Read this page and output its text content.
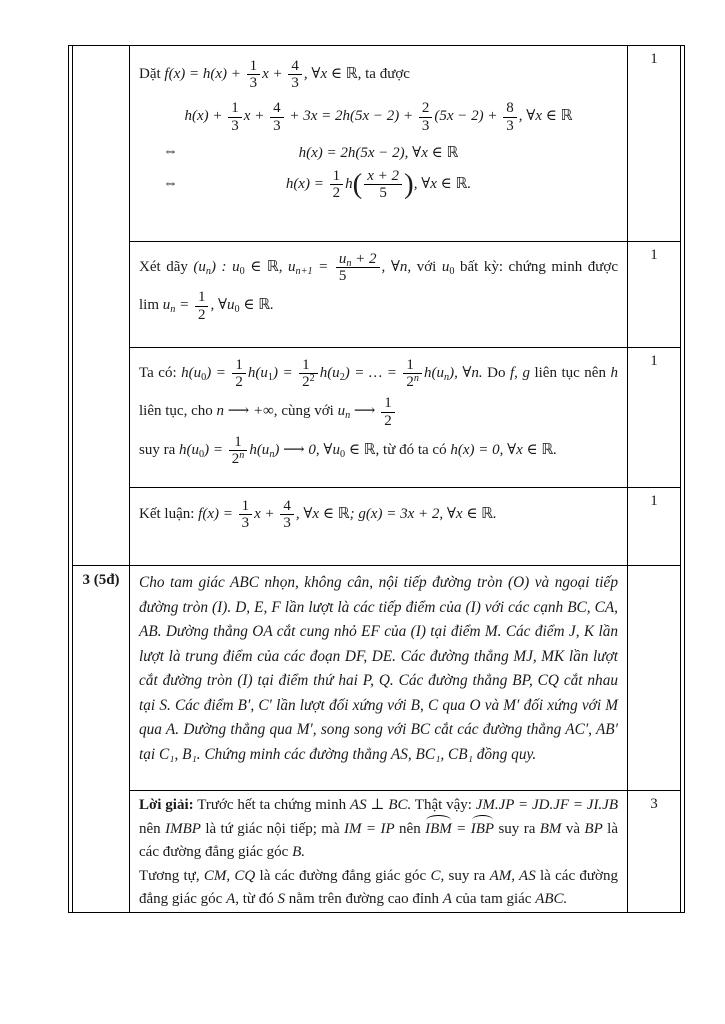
3 (5đ)
Dặt $f(x) = h(x) + \frac{1}{3}$ $x + \frac{4}{3}$ , ∀x ∈ ℝ, ta được
$h(x) + \frac{1}{3}$ $x + \frac{4}{3} + 3x = 2h(5x - 2) + \frac{2}{3} (5x - 2) + \frac{8}{3}$ , ∀x ∈ ℝ
⇔	h(x) = 2h(5x − 2), ∀x ∈ ℝ
⇔	$h(x) = \frac{1}{2} h( \frac{x + 2}{5}$ ), ∀x ∈ ℝ.
Xét dãy $(u_n)$ : $u_0$ ∈ ℝ, $u_{n+1} = \frac{u_n + 2}{5}$ , ∀n, với $u_0$ bất kỳ: chứng minh được
$\lim u_n = \frac{1}{2}$ , $\forall u_0$ ∈ ℝ.
Ta có: $h(u_0) = \frac{1}{2} h(u_1) = \frac{1}{2^2} h(u_2)$ = … = $\frac{1}{2^n} h(u_n)$, ∀n. Do f, g liên tục nên h
liên tục, cho n ⟶ +∞, cùng với $u_n$ ⟶ $\frac{1}{2}$
suy ra $h(u_0) = \frac{1}{2^n} h(u_n)$ ⟶ 0, $\forall u_0$ ∈ ℝ, từ đó ta có h(x) = 0, ∀x ∈ ℝ.
Kết luận: $f(x) = \frac{1}{3}$ $x + \frac{4}{3}$ , ∀x ∈ ℝ; g(x) = 3x + 2, ∀x ∈ ℝ.
Cho tam giác ABC nhọn, không cân, nội tiếp đường tròn (O) và ngoại tiếp đường tròn (I). D, E, F lần lượt là các tiếp điểm của (I) với các cạnh BC, CA, AB. Dường thẳng OA cắt cung nhỏ EF của (I) tại điểm M. Các điểm J, K lần lượt là trung điểm của các đoạn DF, DE. Các đường thẳng MJ, MK lần lượt cắt đường tròn (I) tại điểm thứ hai P, Q. Các đường thẳng BP, CQ cắt nhau tại S. Các điểm B′, C′ lần lượt đối xứng với B, C qua O và M′ đối xứng với M qua A. Dường thẳng qua M′, song song với BC cắt các đường thẳng AC′, AB′ tại C₁, B₁. Chứng minh các đường thẳng AS, BC₁, CB₁ đồng quy.
Lời giải: Trước hết ta chứng minh AS ⊥ BC. Thật vậy: JM.JP = JD.JF = JI.JB nên IMBP là tứ giác nội tiếp; mà IM = IP nên IBM = IBP suy ra BM và BP là các đường đẳng giác góc B.
Tương tự, CM, CQ là các đường đẳng giác góc C, suy ra AM, AS là các đường đẳng giác góc A, từ đó S nằm trên đường cao đỉnh A của tam giác ABC.
1
1
1
1
3
